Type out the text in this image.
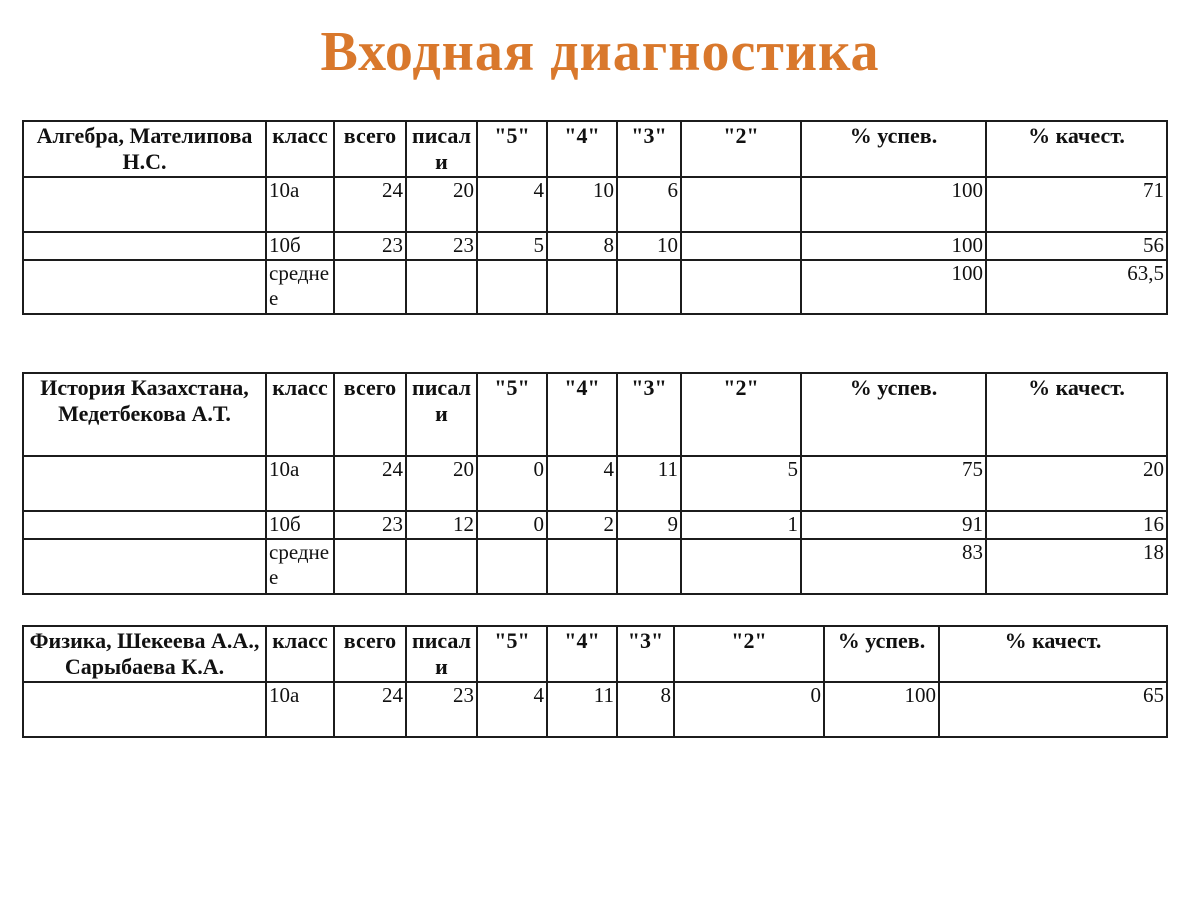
Входная диагностика
Алгебра, Мателипова Н.С.	класс	всего	писали	"5"	"4"	"3"	"2"	% успев.	% качест.
	10а	24	20	4	10	6		100	71
	10б	23	23	5	8	10		100	56
	среднее							100	63,5
История Казахстана, Медетбекова А.Т.	класс	всего	писали	"5"	"4"	"3"	"2"	% успев.	% качест.
	10а	24	20	0	4	11	5	75	20
	10б	23	12	0	2	9	1	91	16
	среднее							83	18
Физика, Шекеева А.А., Сарыбаева К.А.	класс	всего	писали	"5"	"4"	"3"	"2"	% успев.	% качест.
	10а	24	23	4	11	8	0	100	65
